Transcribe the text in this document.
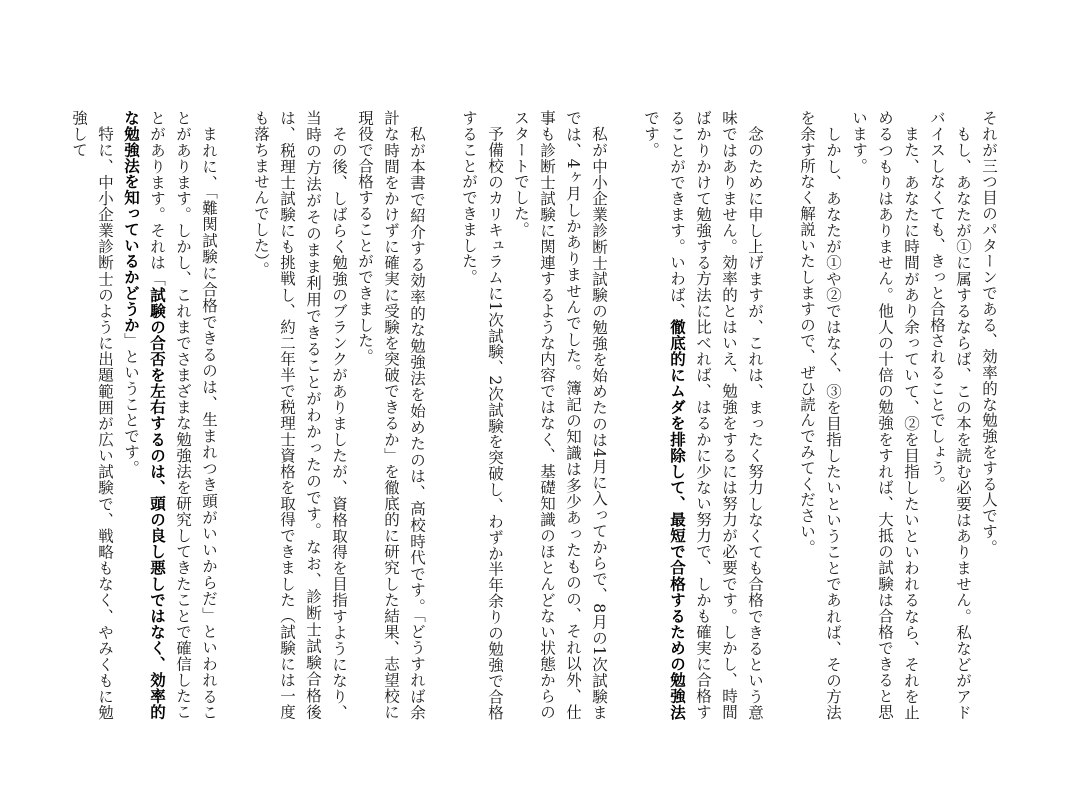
それが三つ目のパターンである、効率的な勉強をする人です。

もし、あなたが①に属するならば、この本を読む必要はありません。私などがアドバイスしなくても、きっと合格されることでしょう。

また、あなたに時間があり余っていて、②を目指したいといわれるなら、それを止めるつもりはありません。他人の十倍の勉強をすれば、大抵の試験は合格できると思います。

しかし、あなたが①や②ではなく、③を目指したいということであれば、その方法を余す所なく解説いたしますので、ぜひ読んでみてください。

念のために申し上げますが、これは、まったく努力しなくても合格できるという意味ではありません。効率的とはいえ、勉強をするには努力が必要です。しかし、時間ばかりかけて勉強する方法に比べれば、はるかに少ない努力で、しかも確実に合格することができます。いわば、徹底的にムダを排除して、最短で合格するための勉強法です。

私が中小企業診断士試験の勉強を始めたのは4月に入ってからで、8月の1次試験までは、4ヶ月しかありませんでした。簿記の知識は多少あったものの、それ以外、仕事も診断士試験に関連するような内容ではなく、基礎知識のほとんどない状態からのスタートでした。

予備校のカリキュラムに1次試験、2次試験を突破し、わずか半年余りの勉強で合格することができました。

私が本書で紹介する効率的な勉強法を始めたのは、高校時代です。「どうすれば余計な時間をかけずに確実に受験を突破できるか」を徹底的に研究した結果、志望校に現役で合格することができました。

その後、しばらく勉強のブランクがありましたが、資格取得を目指すようになり、当時の方法がそのまま利用できることがわかったのです。なお、診断士試験合格後は、税理士試験にも挑戦し、約二年半で税理士資格を取得できました（試験には一度も落ちませんでした）。

まれに、「難関試験に合格できるのは、生まれつき頭がいいからだ」といわれることがあります。しかし、これまでさまざまな勉強法を研究してきたことで確信したことがあります。それは「試験の合否を左右するのは、頭の良し悪しではなく、効率的な勉強法を知っているかどうか」ということです。

特に、中小企業診断士のように出題範囲が広い試験で、戦略もなく、やみくもに勉強して
